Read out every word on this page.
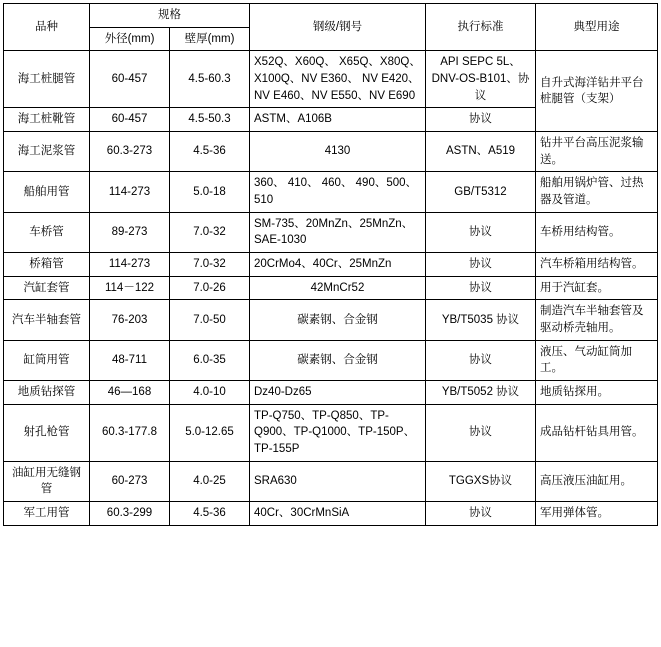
品种	规格		钢级/钢号	执行标准	典型用途
	外径(mm)	壁厚(mm)			
海工桩腿管	60-457	4.5-60.3	X52Q、X60Q、 X65Q、X80Q、 X100Q、NV E360、 NV E420、NV E460、NV E550、NV E690	API SEPC 5L、DNV-OS-B101、协议	自升式海洋钻井平台桩腿管（支架）
海工桩靴管	60-457	4.5-50.3	ASTM、A106B	协议	
海工泥浆管	60.3-273	4.5-36	4130	ASTN、A519	钻井平台高压泥浆输送。
船舶用管	114-273	5.0-18	360、 410、 460、 490、500、510	GB/T5312	船舶用锅炉管、过热器及管道。
车桥管	89-273	7.0-32	SM-735、20MnZn、25MnZn、SAE-1030	协议	车桥用结构管。
桥箱管	114-273	7.0-32	20CrMo4、40Cr、25MnZn	协议	汽车桥箱用结构管。
汽缸套管	114－122	7.0-26	42MnCr52	协议	用于汽缸套。
汽车半轴套管	76-203	7.0-50	碳素钢、合金钢	YB/T5035 协议	制造汽车半轴套管及驱动桥壳轴用。
缸筒用管	48-711	6.0-35	碳素钢、合金钢	协议	液压、气动缸筒加工。
地质钻探管	46—168	4.0-10	Dz40-Dz65	YB/T5052 协议	地质钻探用。
射孔枪管	60.3-177.8	5.0-12.65	TP-Q750、TP-Q850、TP-Q900、TP-Q1000、TP-150P、TP-155P	协议	成品钻杆钻具用管。
油缸用无缝钢管	60-273	4.0-25	SRA630	TGGXS协议	高压液压油缸用。
军工用管	60.3-299	4.5-36	40Cr、30CrMnSiA	协议	军用弹体管。
